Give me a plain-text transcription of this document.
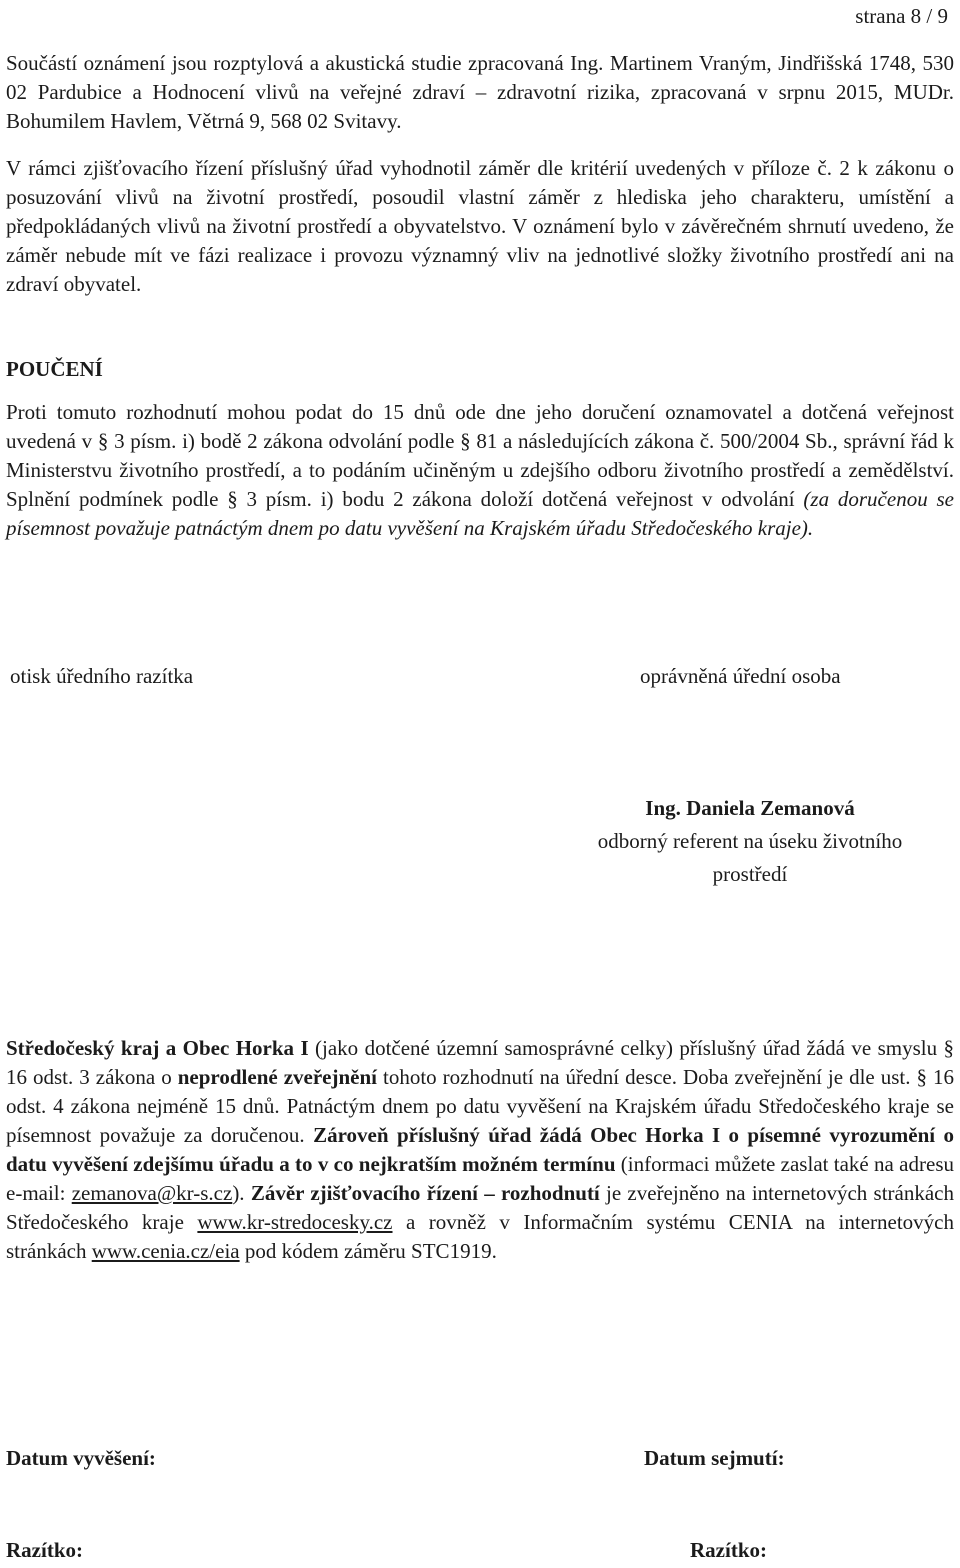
strana 8 / 9

Součástí oznámení jsou rozptylová a akustická studie zpracovaná Ing. Martinem Vraným, Jindřišská 1748, 530 02 Pardubice a Hodnocení vlivů na veřejné zdraví – zdravotní rizika, zpracovaná v srpnu 2015, MUDr. Bohumilem Havlem, Větrná 9, 568 02 Svitavy.

V rámci zjišťovacího řízení příslušný úřad vyhodnotil záměr dle kritérií uvedených v příloze č. 2 k zákonu o posuzování vlivů na životní prostředí, posoudil vlastní záměr z hlediska jeho charakteru, umístění a předpokládaných vlivů na životní prostředí a obyvatelstvo. V oznámení bylo v závěrečném shrnutí uvedeno, že záměr nebude mít ve fázi realizace i provozu významný vliv na jednotlivé složky životního prostředí ani na zdraví obyvatel.

POUČENÍ

Proti tomuto rozhodnutí mohou podat do 15 dnů ode dne jeho doručení oznamovatel a dotčená veřejnost uvedená v § 3 písm. i) bodě 2 zákona odvolání podle § 81 a následujících zákona č. 500/2004 Sb., správní řád k Ministerstvu životního prostředí, a to podáním učiněným u zdejšího odboru životního prostředí a zemědělství. Splnění podmínek podle § 3 písm. i) bodu 2 zákona doloží dotčená veřejnost v odvolání (za doručenou se písemnost považuje patnáctým dnem po datu vyvěšení na Krajském úřadu Středočeského kraje).

otisk úředního razítka	oprávněná úřední osoba
Ing. Daniela Zemanová
odborný referent na úseku životního
prostředí

Středočeský kraj a Obec Horka I (jako dotčené územní samosprávné celky) příslušný úřad žádá ve smyslu § 16 odst. 3 zákona o neprodlené zveřejnění tohoto rozhodnutí na úřední desce. Doba zveřejnění je dle ust. § 16 odst. 4 zákona nejméně 15 dnů. Patnáctým dnem po datu vyvěšení na Krajském úřadu Středočeského kraje se písemnost považuje za doručenou. Zároveň příslušný úřad žádá Obec Horka I o písemné vyrozumění o datu vyvěšení zdejšímu úřadu a to v co nejkratším možném termínu (informaci můžete zaslat také na adresu e-mail: zemanova@kr-s.cz). Závěr zjišťovacího řízení – rozhodnutí je zveřejněno na internetových stránkách Středočeského kraje www.kr-stredocesky.cz a rovněž v Informačním systému CENIA na internetových stránkách www.cenia.cz/eia pod kódem záměru STC1919.

Datum vyvěšení:	Datum sejmutí:
Razítko:	Razítko:
